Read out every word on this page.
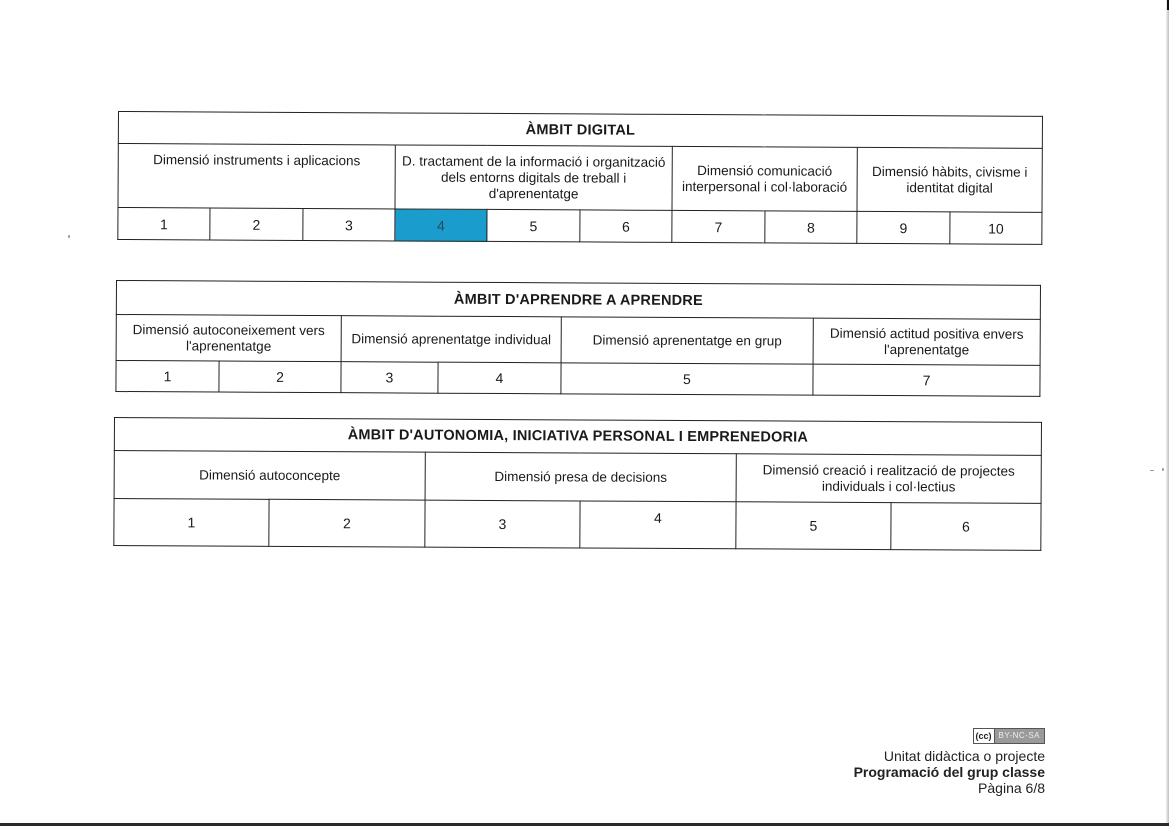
ÀMBIT DIGITAL									
Dimensió instruments i aplicacions			D. tractament de la informació i organització dels entorns digitals de treball i d'aprenentatge			Dimensió comunicació interpersonal i col·laboració		Dimensió hàbits, civisme i identitat digital	
1	2	3	4	5	6	7	8	9	10
ÀMBIT D'APRENDRE A APRENDRE					
Dimensió autoconeixement vers l'aprenentatge		Dimensió aprenentatge individual		Dimensió aprenentatge en grup	Dimensió actitud positiva envers l'aprenentatge
1	2	3	4	5	7
ÀMBIT D'AUTONOMIA, INICIATIVA PERSONAL I EMPRENEDORIA					
Dimensió autoconcepte		Dimensió presa de decisions		Dimensió creació i realització de projectes individuals i col·lectius	
1	2	3	4	5	6
(cc) BY-NC-SA
Unitat didàctica o projecte
Programació del grup classe
Pàgina 6/8
